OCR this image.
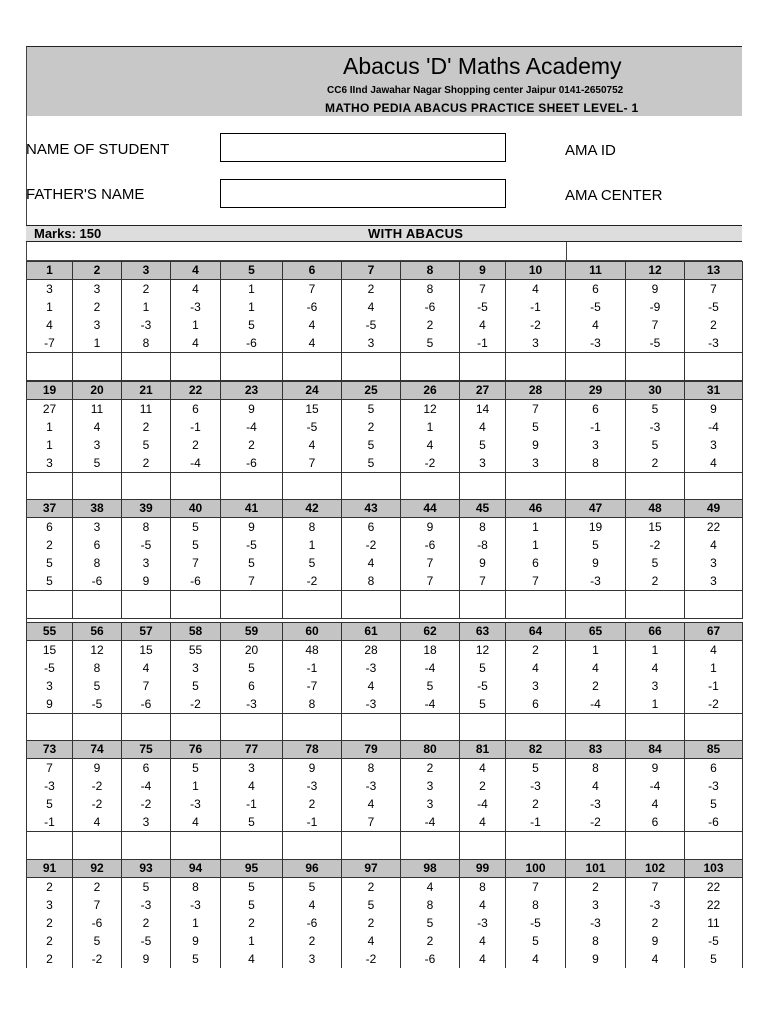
Abacus 'D' Maths Academy
CC6 IInd Jawahar Nagar Shopping center Jaipur 0141-2650752
MATHO PEDIA ABACUS PRACTICE SHEET LEVEL- 1
NAME OF STUDENT	AMA ID
FATHER'S NAME	AMA CENTER
Marks: 150	WITH ABACUS
1	2	3	4	5	6	7	8	9	10	11	12	13
3	3	2	4	1	7	2	8	7	4	6	9	7
1	2	1	-3	1	-6	4	-6	-5	-1	-5	-9	-5
4	3	-3	1	5	4	-5	2	4	-2	4	7	2
-7	1	8	4	-6	4	3	5	-1	3	-3	-5	-3

19	20	21	22	23	24	25	26	27	28	29	30	31
27	11	11	6	9	15	5	12	14	7	6	5	9
1	4	2	-1	-4	-5	2	1	4	5	-1	-3	-4
1	3	5	2	2	4	5	4	5	9	3	5	3
3	5	2	-4	-6	7	5	-2	3	3	8	2	4

37	38	39	40	41	42	43	44	45	46	47	48	49
6	3	8	5	9	8	6	9	8	1	19	15	22
2	6	-5	5	-5	1	-2	-6	-8	1	5	-2	4
5	8	3	7	5	5	4	7	9	6	9	5	3
5	-6	9	-6	7	-2	8	7	7	7	-3	2	3

55	56	57	58	59	60	61	62	63	64	65	66	67
15	12	15	55	20	48	28	18	12	2	1	1	4
-5	8	4	3	5	-1	-3	-4	5	4	4	4	1
3	5	7	5	6	-7	4	5	-5	3	2	3	-1
9	-5	-6	-2	-3	8	-3	-4	5	6	-4	1	-2

73	74	75	76	77	78	79	80	81	82	83	84	85
7	9	6	5	3	9	8	2	4	5	8	9	6
-3	-2	-4	1	4	-3	-3	3	2	-3	4	-4	-3
5	-2	-2	-3	-1	2	4	3	-4	2	-3	4	5
-1	4	3	4	5	-1	7	-4	4	-1	-2	6	-6

91	92	93	94	95	96	97	98	99	100	101	102	103
2	2	5	8	5	5	2	4	8	7	2	7	22
3	7	-3	-3	5	4	5	8	4	8	3	-3	22
2	-6	2	1	2	-6	2	5	-3	-5	-3	2	11
2	5	-5	9	1	2	4	2	4	5	8	9	-5
2	-2	9	5	4	3	-2	-6	4	4	9	4	5
